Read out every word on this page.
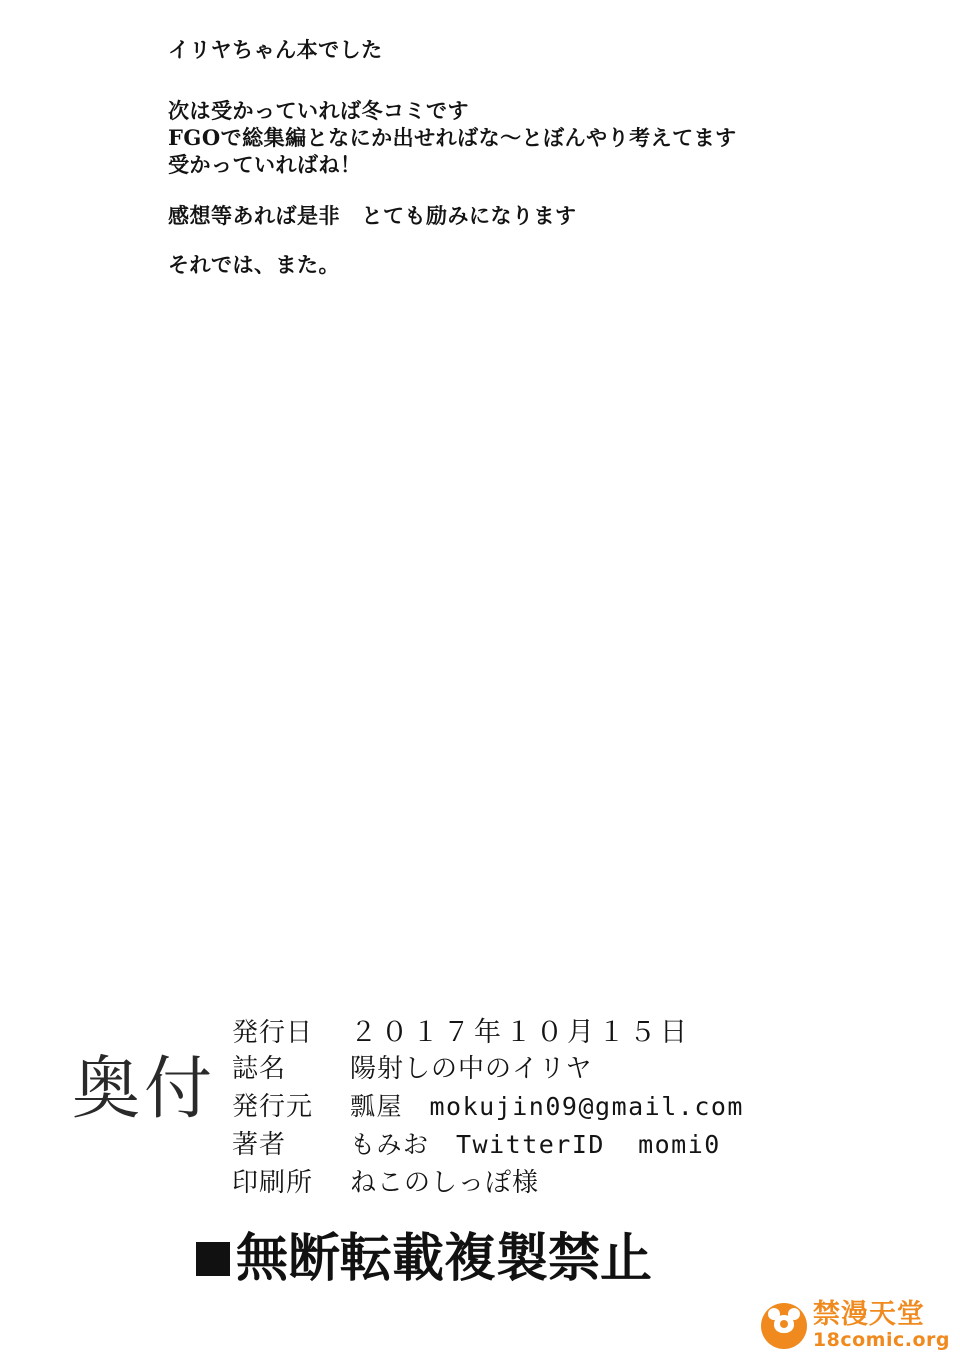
イリヤちゃん本でした
次は受かっていれば冬コミです
FGOで総集編となにか出せればな〜とぼんやり考えてます
受かっていればね！
感想等あれば是非　とても励みになります
それでは、また。
奥付
発行日	２０１７年１０月１５日
誌名	陽射しの中のイリヤ
発行元	瓢屋　mokujin09@gmail.com
著者	もみお　TwitterID  momi0
印刷所	ねこのしっぽ様
無断転載複製禁止
禁漫天堂
18comic.org
